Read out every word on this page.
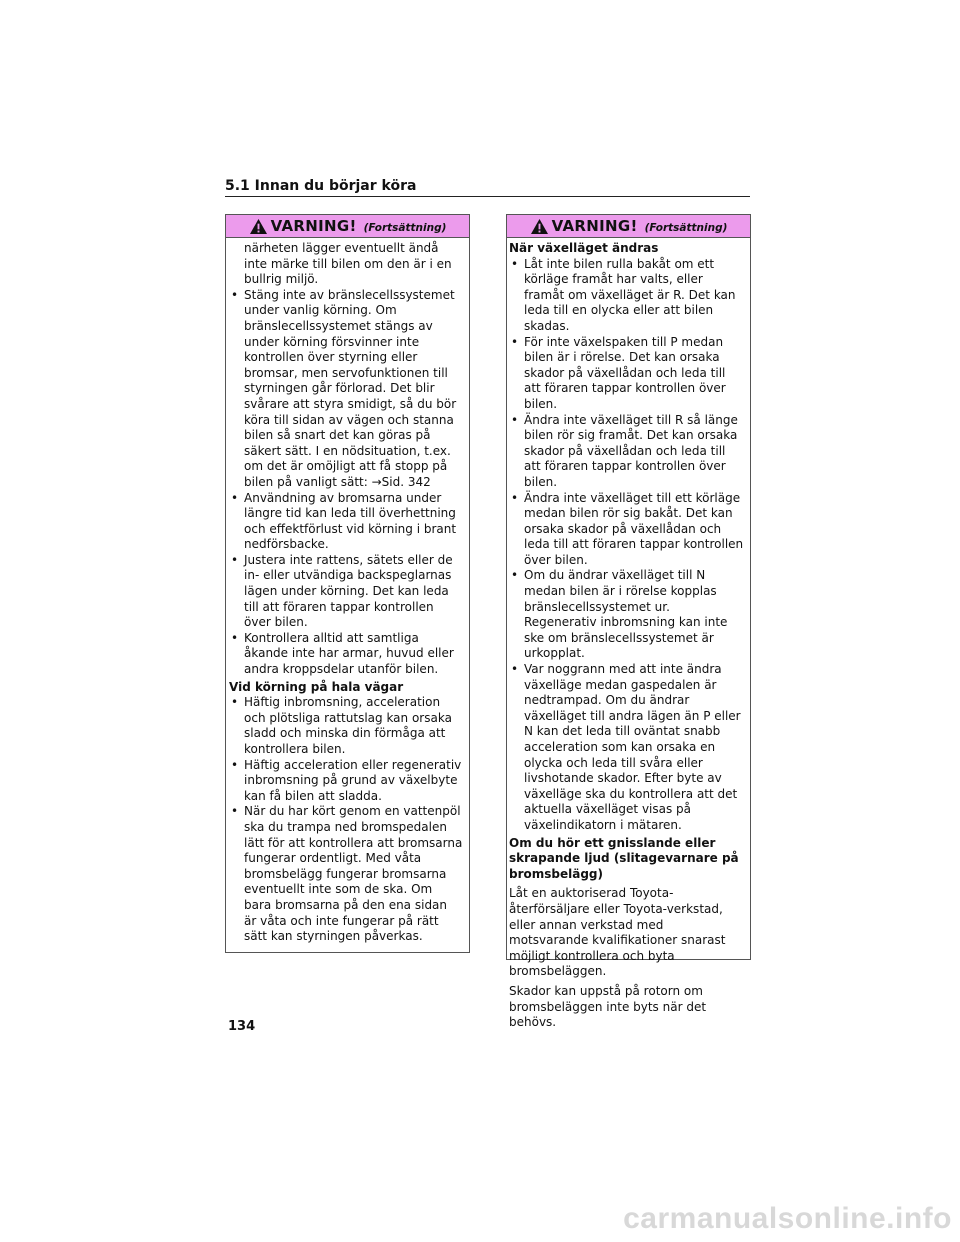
5.1 Innan du börjar köra
VARNING! (Fortsättning)

närheten lägger eventuellt ändå inte märke till bilen om den är i en bullrig miljö.

• Stäng inte av bränslecellssystemet under vanlig körning. Om bränslecellssystemet stängs av under körning försvinner inte kontrollen över styrning eller bromsar, men servofunktionen till styrningen går förlorad. Det blir svårare att styra smidigt, så du bör köra till sidan av vägen och stanna bilen så snart det kan göras på säkert sätt. I en nödsituation, t.ex. om det är omöjligt att få stopp på bilen på vanligt sätt: →Sid. 342
• Användning av bromsarna under längre tid kan leda till överhettning och effektförlust vid körning i brant nedförsbacke.
• Justera inte rattens, sätets eller de in- eller utvändiga backspeglarnas lägen under körning. Det kan leda till att föraren tappar kontrollen över bilen.
• Kontrollera alltid att samtliga åkande inte har armar, huvud eller andra kroppsdelar utanför bilen.
Vid körning på hala vägar
• Häftig inbromsning, acceleration och plötsliga rattutslag kan orsaka sladd och minska din förmåga att kontrollera bilen.
• Häftig acceleration eller regenerativ inbromsning på grund av växelbyte kan få bilen att sladda.
• När du har kört genom en vattenpöl ska du trampa ned bromspedalen lätt för att kontrollera att bromsarna fungerar ordentligt. Med våta bromsbelägg fungerar bromsarna eventuellt inte som de ska. Om bara bromsarna på den ena sidan är våta och inte fungerar på rätt sätt kan styrningen påverkas.
VARNING! (Fortsättning)
När växelläget ändras
• Låt inte bilen rulla bakåt om ett körläge framåt har valts, eller framåt om växelläget är R. Det kan leda till en olycka eller att bilen skadas.
• För inte växelspaken till P medan bilen är i rörelse. Det kan orsaka skador på växellådan och leda till att föraren tappar kontrollen över bilen.
• Ändra inte växelläget till R så länge bilen rör sig framåt. Det kan orsaka skador på växellådan och leda till att föraren tappar kontrollen över bilen.
• Ändra inte växelläget till ett körläge medan bilen rör sig bakåt. Det kan orsaka skador på växellådan och leda till att föraren tappar kontrollen över bilen.
• Om du ändrar växelläget till N medan bilen är i rörelse kopplas bränslecellssystemet ur. Regenerativ inbromsning kan inte ske om bränslecellssystemet är urkopplat.
• Var noggrann med att inte ändra växelläge medan gaspedalen är nedtrampad. Om du ändrar växelläget till andra lägen än P eller N kan det leda till oväntat snabb acceleration som kan orsaka en olycka och leda till svåra eller livshotande skador. Efter byte av växelläge ska du kontrollera att det aktuella växelläget visas på växelindikatorn i mätaren.
Om du hör ett gnisslande eller skrapande ljud (slitagevarnare på bromsbelägg)

Låt en auktoriserad Toyota-återförsäljare eller Toyota-verkstad, eller annan verkstad med motsvarande kvalifikationer snarast möjligt kontrollera och byta bromsbeläggen.

Skador kan uppstå på rotorn om bromsbeläggen inte byts när det behövs.

134
carmanualsonline.info
